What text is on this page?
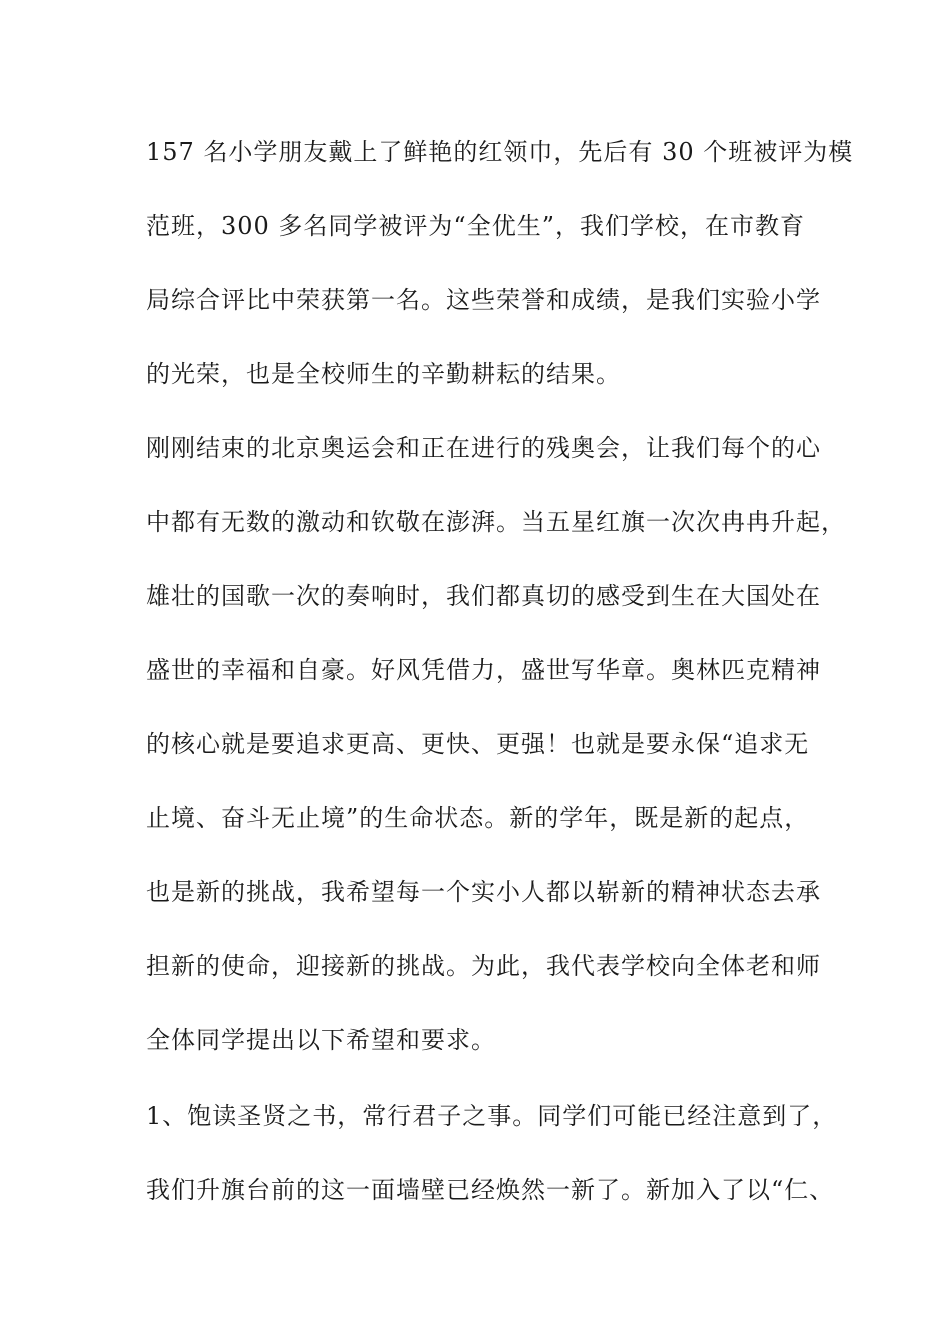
157 名小学朋友戴上了鲜艳的红领巾，先后有 30 个班被评为模
范班，300 多名同学被评为“全优生”，我们学校，在市教育
局综合评比中荣获第一名。这些荣誉和成绩，是我们实验小学
的光荣，也是全校师生的辛勤耕耘的结果。
刚刚结束的北京奥运会和正在进行的残奥会，让我们每个的心
中都有无数的激动和钦敬在澎湃。当五星红旗一次次冉冉升起，
雄壮的国歌一次的奏响时，我们都真切的感受到生在大国处在
盛世的幸福和自豪。好风凭借力，盛世写华章。奥林匹克精神
的核心就是要追求更高、更快、更强！也就是要永保“追求无
止境、奋斗无止境”的生命状态。新的学年，既是新的起点，
也是新的挑战，我希望每一个实小人都以崭新的精神状态去承
担新的使命，迎接新的挑战。为此，我代表学校向全体老和师
全体同学提出以下希望和要求。
1、饱读圣贤之书，常行君子之事。同学们可能已经注意到了，
我们升旗台前的这一面墙壁已经焕然一新了。新加入了以“仁、
